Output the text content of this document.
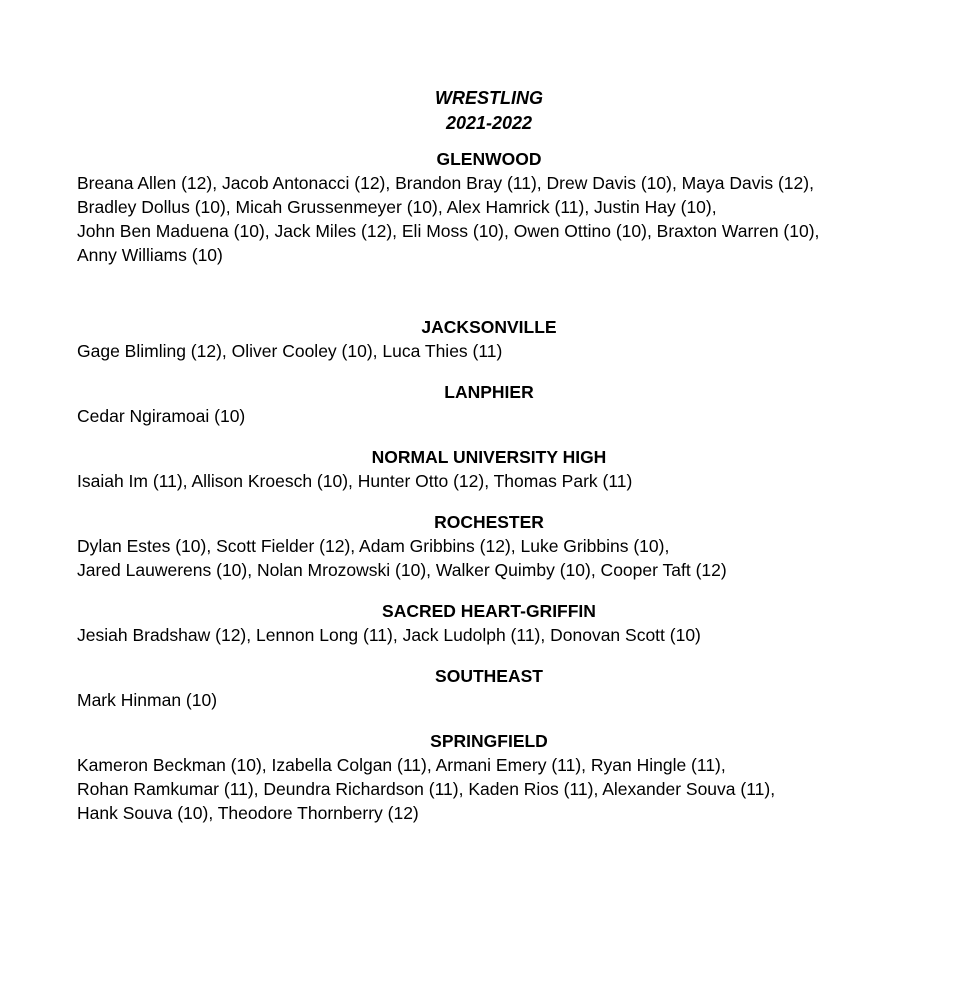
WRESTLING

2021-2022

GLENWOOD

Breana Allen (12), Jacob Antonacci (12), Brandon Bray (11), Drew Davis (10), Maya Davis (12),

Bradley Dollus (10), Micah Grussenmeyer (10), Alex Hamrick (11), Justin Hay (10),

John Ben Maduena (10), Jack Miles (12), Eli Moss (10), Owen Ottino (10), Braxton Warren (10),

Anny Williams (10)

JACKSONVILLE

Gage Blimling (12), Oliver Cooley (10), Luca Thies (11)

LANPHIER

Cedar Ngiramoai (10)

NORMAL UNIVERSITY HIGH

Isaiah Im (11), Allison Kroesch (10), Hunter Otto (12), Thomas Park (11)

ROCHESTER

Dylan Estes (10), Scott Fielder (12), Adam Gribbins (12), Luke Gribbins (10),

Jared Lauwerens (10), Nolan Mrozowski (10), Walker Quimby (10), Cooper Taft (12)

SACRED HEART-GRIFFIN

Jesiah Bradshaw (12), Lennon Long (11), Jack Ludolph (11), Donovan Scott (10)

SOUTHEAST

Mark Hinman (10)

SPRINGFIELD

Kameron Beckman (10), Izabella Colgan (11), Armani Emery (11), Ryan Hingle (11),

Rohan Ramkumar (11), Deundra Richardson (11), Kaden Rios (11), Alexander Souva (11),

Hank Souva (10), Theodore Thornberry (12)
